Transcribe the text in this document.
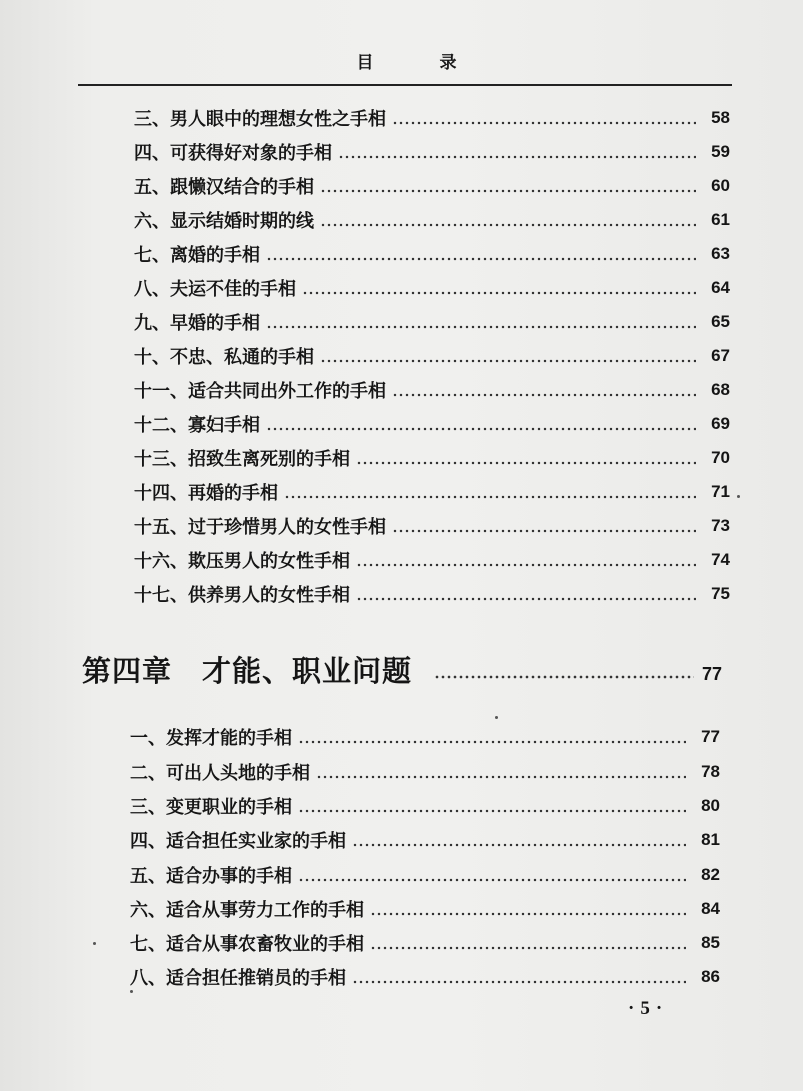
目 录
三、男人眼中的理想女性之手相	58
四、可获得好对象的手相	59
五、跟懒汉结合的手相	60
六、显示结婚时期的线	61
七、离婚的手相	63
八、夫运不佳的手相	64
九、早婚的手相	65
十、不忠、私通的手相	67
十一、适合共同出外工作的手相	68
十二、寡妇手相	69
十三、招致生离死别的手相	70
十四、再婚的手相	71
十五、过于珍惜男人的女性手相	73
十六、欺压男人的女性手相	74
十七、供养男人的女性手相	75
第四章　才能、职业问题	77
一、发挥才能的手相	77
二、可出人头地的手相	78
三、变更职业的手相	80
四、适合担任实业家的手相	81
五、适合办事的手相	82
六、适合从事劳力工作的手相	84
七、适合从事农畜牧业的手相	85
八、适合担任推销员的手相	86
·5·
